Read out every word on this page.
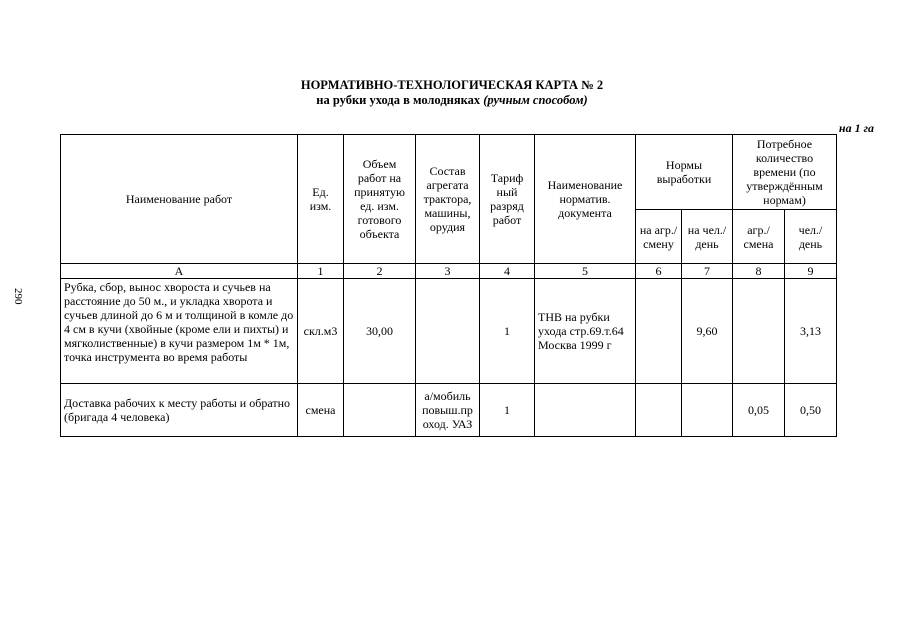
НОРМАТИВНО-ТЕХНОЛОГИЧЕСКАЯ КАРТА № 2
на рубки ухода в молодняках (ручным способом)
на 1 га
290
Наименование работ	Ед. изм.	Объем работ на принятую ед. изм. готового объекта	Состав агрегата трактора, машины, орудия	Тариф ный разряд работ	Наименование норматив. документа	Нормы выработки		Потребное количество времени (по утверждённым нормам)	
						на агр./ смену	на чел./ день	агр./ смена	чел./ день
А	1	2	3	4	5	6	7	8	9
Рубка, сбор, вынос хвороста и сучьев на расстояние до 50 м., и укладка хворота и сучьев длиной до 6 м и толщиной в комле до 4 см в кучи (хвойные (кроме ели и пихты) и мягколиственные) в кучи размером 1м * 1м, точка инструмента во время работы	скл.м3	30,00		1	ТНВ на рубки ухода стр.69.т.64 Москва 1999 г		9,60		3,13
Доставка рабочих к месту работы и обратно (бригада 4 человека)	смена		а/мобиль повыш.пр оход. УАЗ	1				0,05	0,50
